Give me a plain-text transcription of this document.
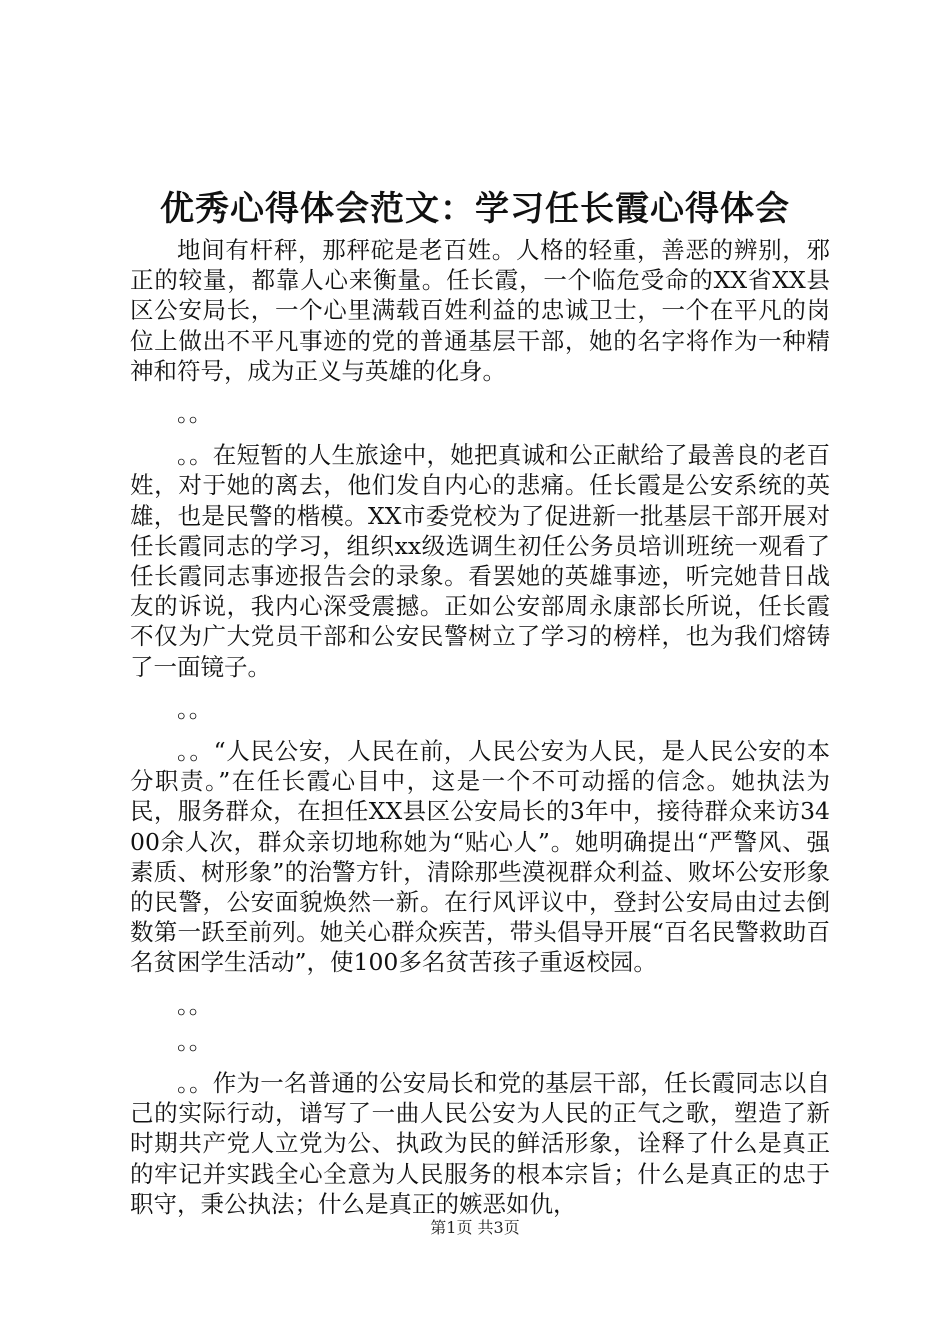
优秀心得体会范文：学习任长霞心得体会

地间有杆秤，那秤砣是老百姓。人格的轻重，善恶的辨别，邪正的较量，都靠人心来衡量。任长霞，一个临危受命的XX省XX县区公安局长，一个心里满载百姓利益的忠诚卫士，一个在平凡的岗位上做出不平凡事迹的党的普通基层干部，她的名字将作为一种精神和符号，成为正义与英雄的化身。

。。

。。在短暂的人生旅途中，她把真诚和公正献给了最善良的老百姓，对于她的离去，他们发自内心的悲痛。任长霞是公安系统的英雄，也是民警的楷模。XX市委党校为了促进新一批基层干部开展对任长霞同志的学习，组织xx级选调生初任公务员培训班统一观看了任长霞同志事迹报告会的录象。看罢她的英雄事迹，听完她昔日战友的诉说，我内心深受震撼。正如公安部周永康部长所说，任长霞不仅为广大党员干部和公安民警树立了学习的榜样，也为我们熔铸了一面镜子。

。。

。。“人民公安，人民在前，人民公安为人民，是人民公安的本分职责。”在任长霞心目中，这是一个不可动摇的信念。她执法为民，服务群众，在担任XX县区公安局长的3年中，接待群众来访3400余人次，群众亲切地称她为“贴心人”。她明确提出“严警风、强素质、树形象”的治警方针，清除那些漠视群众利益、败坏公安形象的民警，公安面貌焕然一新。在行风评议中，登封公安局由过去倒数第一跃至前列。她关心群众疾苦，带头倡导开展“百名民警救助百名贫困学生活动”，使100多名贫苦孩子重返校园。

。。

。。

。。作为一名普通的公安局长和党的基层干部，任长霞同志以自己的实际行动，谱写了一曲人民公安为人民的正气之歌，塑造了新时期共产党人立党为公、执政为民的鲜活形象，诠释了什么是真正的牢记并实践全心全意为人民服务的根本宗旨；什么是真正的忠于职守，秉公执法；什么是真正的嫉恶如仇，

第1页 共3页
